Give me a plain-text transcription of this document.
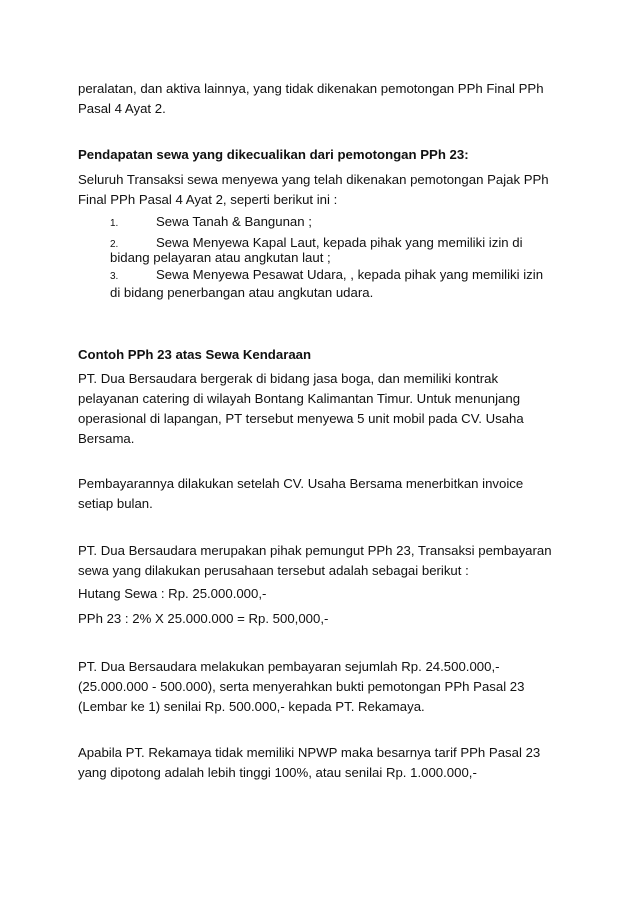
peralatan, dan aktiva lainnya, yang tidak dikenakan pemotongan PPh Final PPh

Pasal 4 Ayat 2.

Pendapatan sewa yang dikecualikan dari pemotongan PPh 23:

Seluruh Transaksi sewa menyewa yang telah dikenakan pemotongan Pajak PPh

Final PPh Pasal 4 Ayat 2, seperti berikut ini :

1.	Sewa Tanah & Bangunan ;
2.	Sewa Menyewa Kapal Laut, kepada pihak yang memiliki izin di
bidang pelayaran atau angkutan laut ;
3.	Sewa Menyewa Pesawat Udara, , kepada pihak yang memiliki izin
di bidang penerbangan atau angkutan udara.
Contoh PPh 23 atas Sewa Kendaraan

PT. Dua Bersaudara bergerak di bidang jasa boga, dan memiliki kontrak

pelayanan catering di wilayah Bontang Kalimantan Timur. Untuk menunjang

operasional di lapangan, PT tersebut menyewa 5 unit mobil pada CV. Usaha

Bersama.

Pembayarannya dilakukan setelah CV. Usaha Bersama menerbitkan invoice

setiap bulan.

PT. Dua Bersaudara merupakan pihak pemungut PPh 23, Transaksi pembayaran

sewa yang dilakukan perusahaan tersebut adalah sebagai berikut :

Hutang Sewa : Rp. 25.000.000,-
PPh 23 : 2% X 25.000.000 = Rp. 500,000,-

PT. Dua Bersaudara melakukan pembayaran sejumlah Rp. 24.500.000,-

(25.000.000 - 500.000), serta menyerahkan bukti pemotongan PPh Pasal 23

(Lembar ke 1) senilai Rp. 500.000,- kepada PT. Rekamaya.

Apabila PT. Rekamaya tidak memiliki NPWP maka besarnya tarif PPh Pasal 23

yang dipotong adalah lebih tinggi 100%, atau senilai Rp. 1.000.000,-
